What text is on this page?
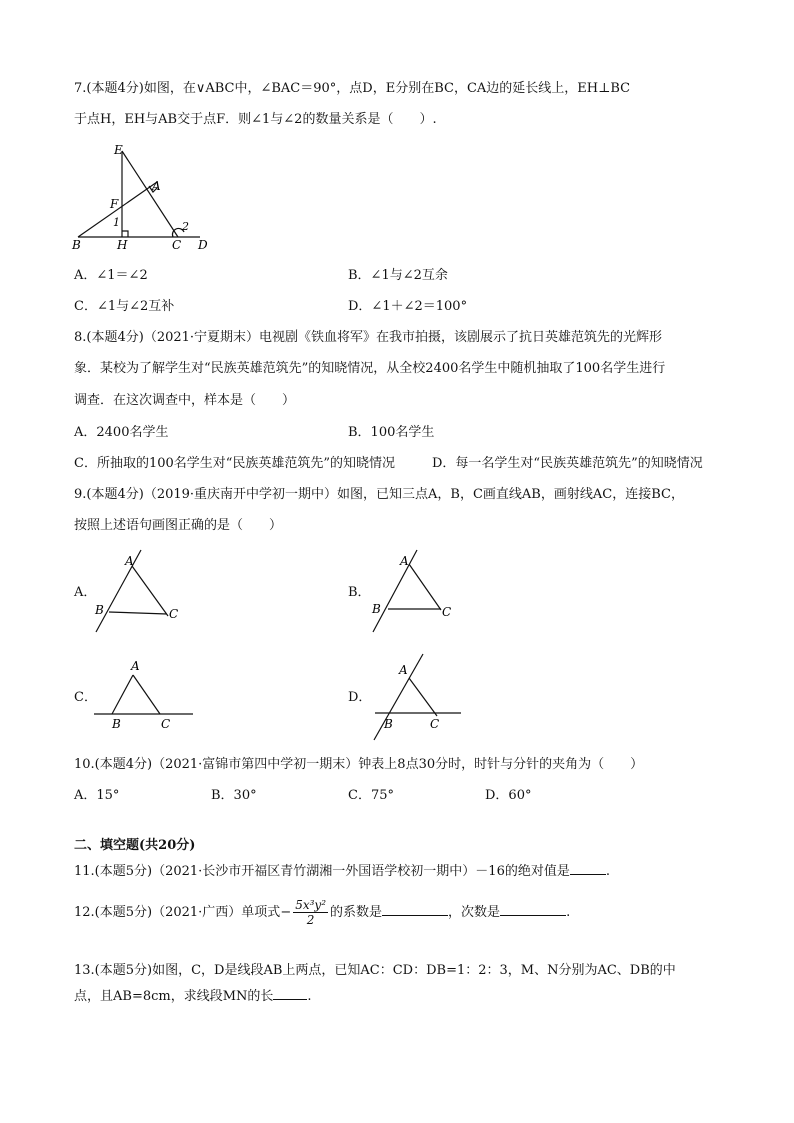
7.(本题4分)如图，在∨ABC中，∠BAC＝90°，点D，E分别在BC，CA边的延长线上，EH⊥BC
于点H，EH与AB交于点F．则∠1与∠2的数量关系是（　　）.
E
A
F
1	2
B	H	C D
A．∠1＝∠2	B．∠1与∠2互余
C．∠1与∠2互补	D．∠1＋∠2＝100°
8.(本题4分)（2021·宁夏期末）电视剧《铁血将军》在我市拍摄，该剧展示了抗日英雄范筑先的光辉形
象．某校为了解学生对“民族英雄范筑先”的知晓情况，从全校2400名学生中随机抽取了100名学生进行
调查．在这次调查中，样本是（　　）
A．2400名学生	B．100名学生
C．所抽取的100名学生对“民族英雄范筑先”的知晓情况	D．每一名学生对“民族英雄范筑先”的知晓情况
9.(本题4分)（2019·重庆南开中学初一期中）如图，已知三点A，B，C画直线AB，画射线AC，连接BC，
按照上述语句画图正确的是（　　）
A．
A
B	C
B．
A
B	C
C．
A
B	C
D．
A
B	C
10.(本题4分)（2021·富锦市第四中学初一期末）钟表上8点30分时，时针与分针的夹角为（　　）
A．15°	B．30°	C．75°	D．60°
二、填空题(共20分)
11.(本题5分)（2021·长沙市开福区青竹湖湘一外国语学校初一期中）－16的绝对值是	.
12.(本题5分)（2021·广西）单项式− $\frac{\text{5x³y²}}{2}$ 的系数是	，次数是	.
13.(本题5分)如图，C，D是线段AB上两点，已知AC：CD：DB=1：2：3，M、N分别为AC、DB的中
点，且AB=8cm，求线段MN的长	.
